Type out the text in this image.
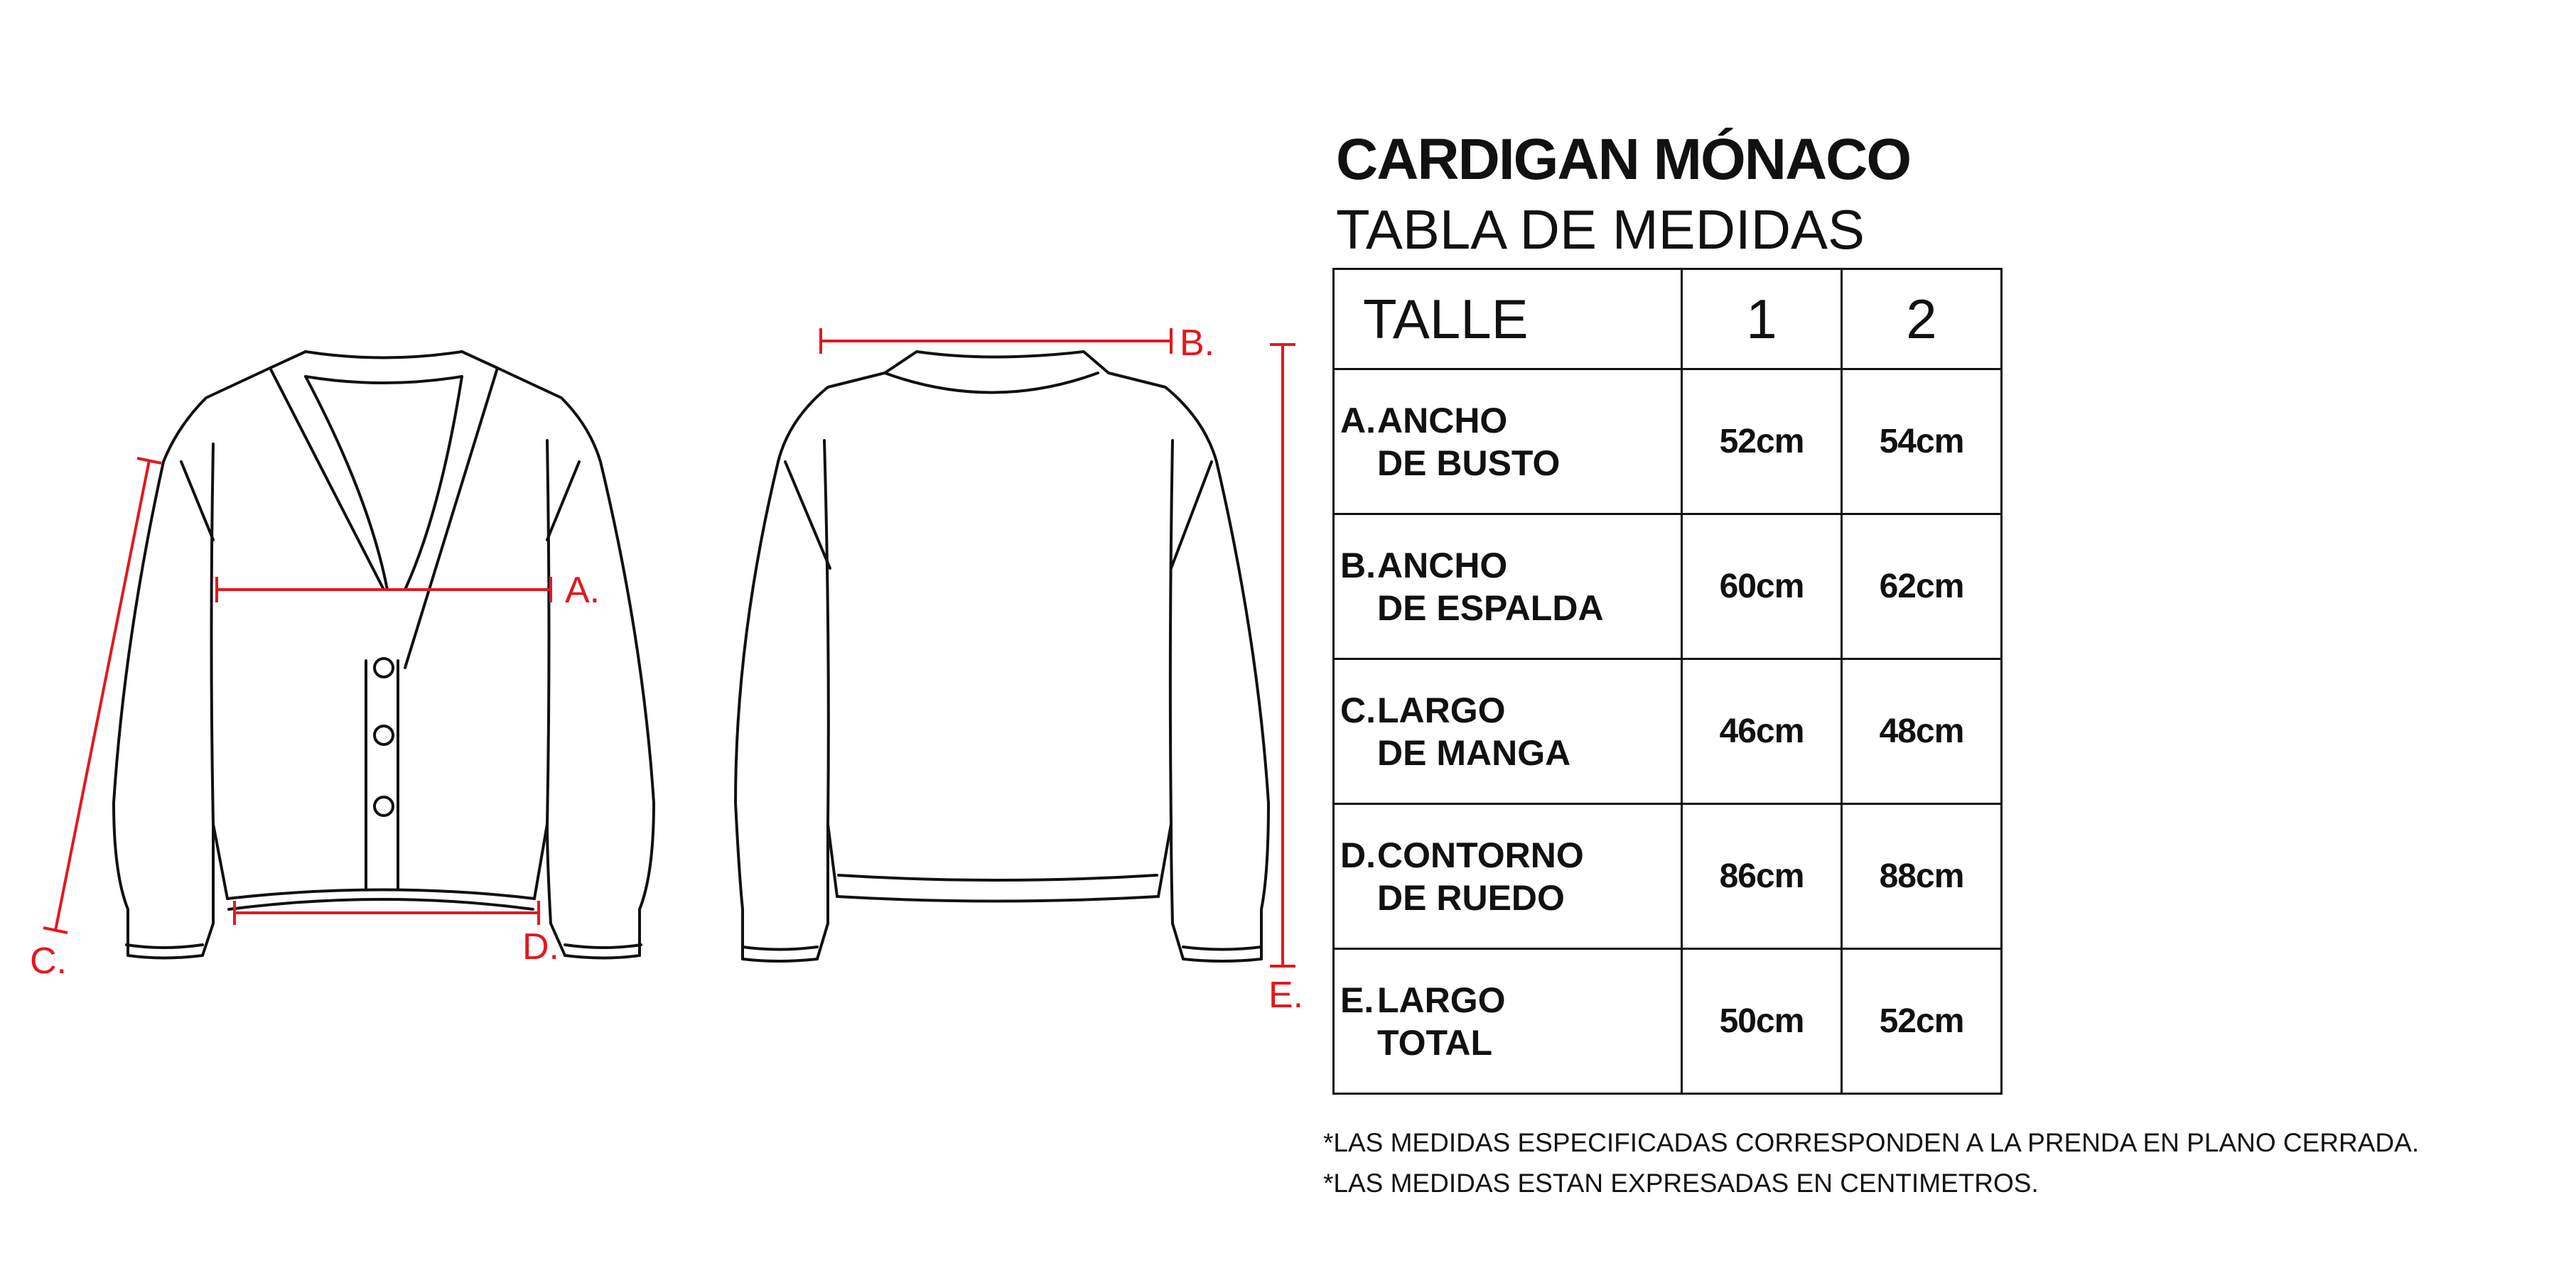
A.
B.
C.	D.
E.
CARDIGAN MÓNACO
TABLA DE MEDIDAS
TALLE	1	2
A.ANCHO
DE BUSTO	52cm	54cm
B.ANCHO
DE ESPALDA	60cm	62cm
C.LARGO
DE MANGA	46cm	48cm
D.CONTORNO
DE RUEDO	86cm	88cm
E.LARGO
TOTAL	50cm	52cm
*LAS MEDIDAS ESPECIFICADAS CORRESPONDEN A LA PRENDA EN PLANO CERRADA.
*LAS MEDIDAS ESTAN EXPRESADAS EN CENTIMETROS.
